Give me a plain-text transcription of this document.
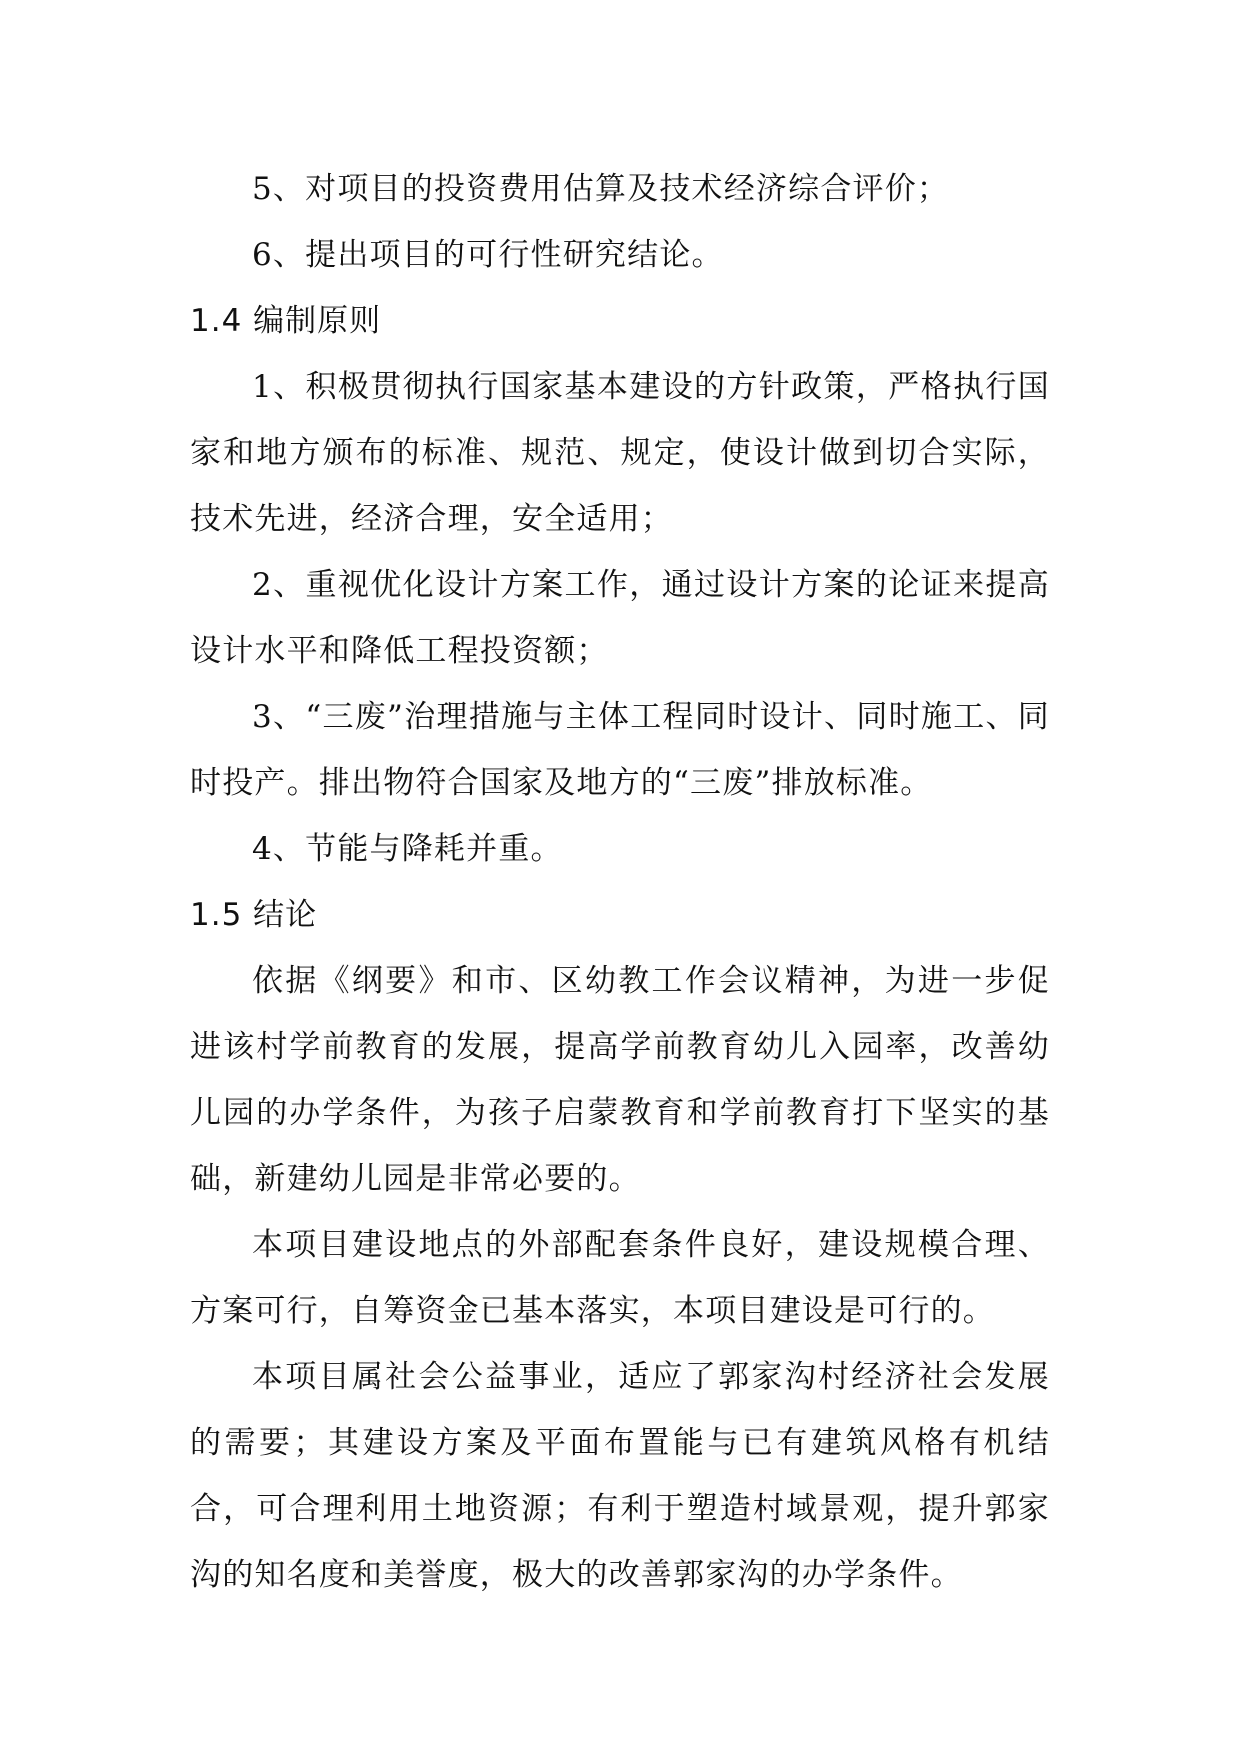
5、对项目的投资费用估算及技术经济综合评价；

6、提出项目的可行性研究结论。

1.4 编制原则

1、积极贯彻执行国家基本建设的方针政策，严格执行国家和地方颁布的标准、规范、规定，使设计做到切合实际，技术先进，经济合理，安全适用；

2、重视优化设计方案工作，通过设计方案的论证来提高设计水平和降低工程投资额；

3、“三废”治理措施与主体工程同时设计、同时施工、同时投产。排出物符合国家及地方的“三废”排放标准。

4、节能与降耗并重。

1.5 结论

依据《纲要》和市、区幼教工作会议精神，为进一步促进该村学前教育的发展，提高学前教育幼儿入园率，改善幼儿园的办学条件，为孩子启蒙教育和学前教育打下坚实的基础，新建幼儿园是非常必要的。

本项目建设地点的外部配套条件良好，建设规模合理、方案可行，自筹资金已基本落实，本项目建设是可行的。

本项目属社会公益事业，适应了郭家沟村经济社会发展的需要；其建设方案及平面布置能与已有建筑风格有机结合，可合理利用土地资源；有利于塑造村域景观，提升郭家沟的知名度和美誉度，极大的改善郭家沟的办学条件。
